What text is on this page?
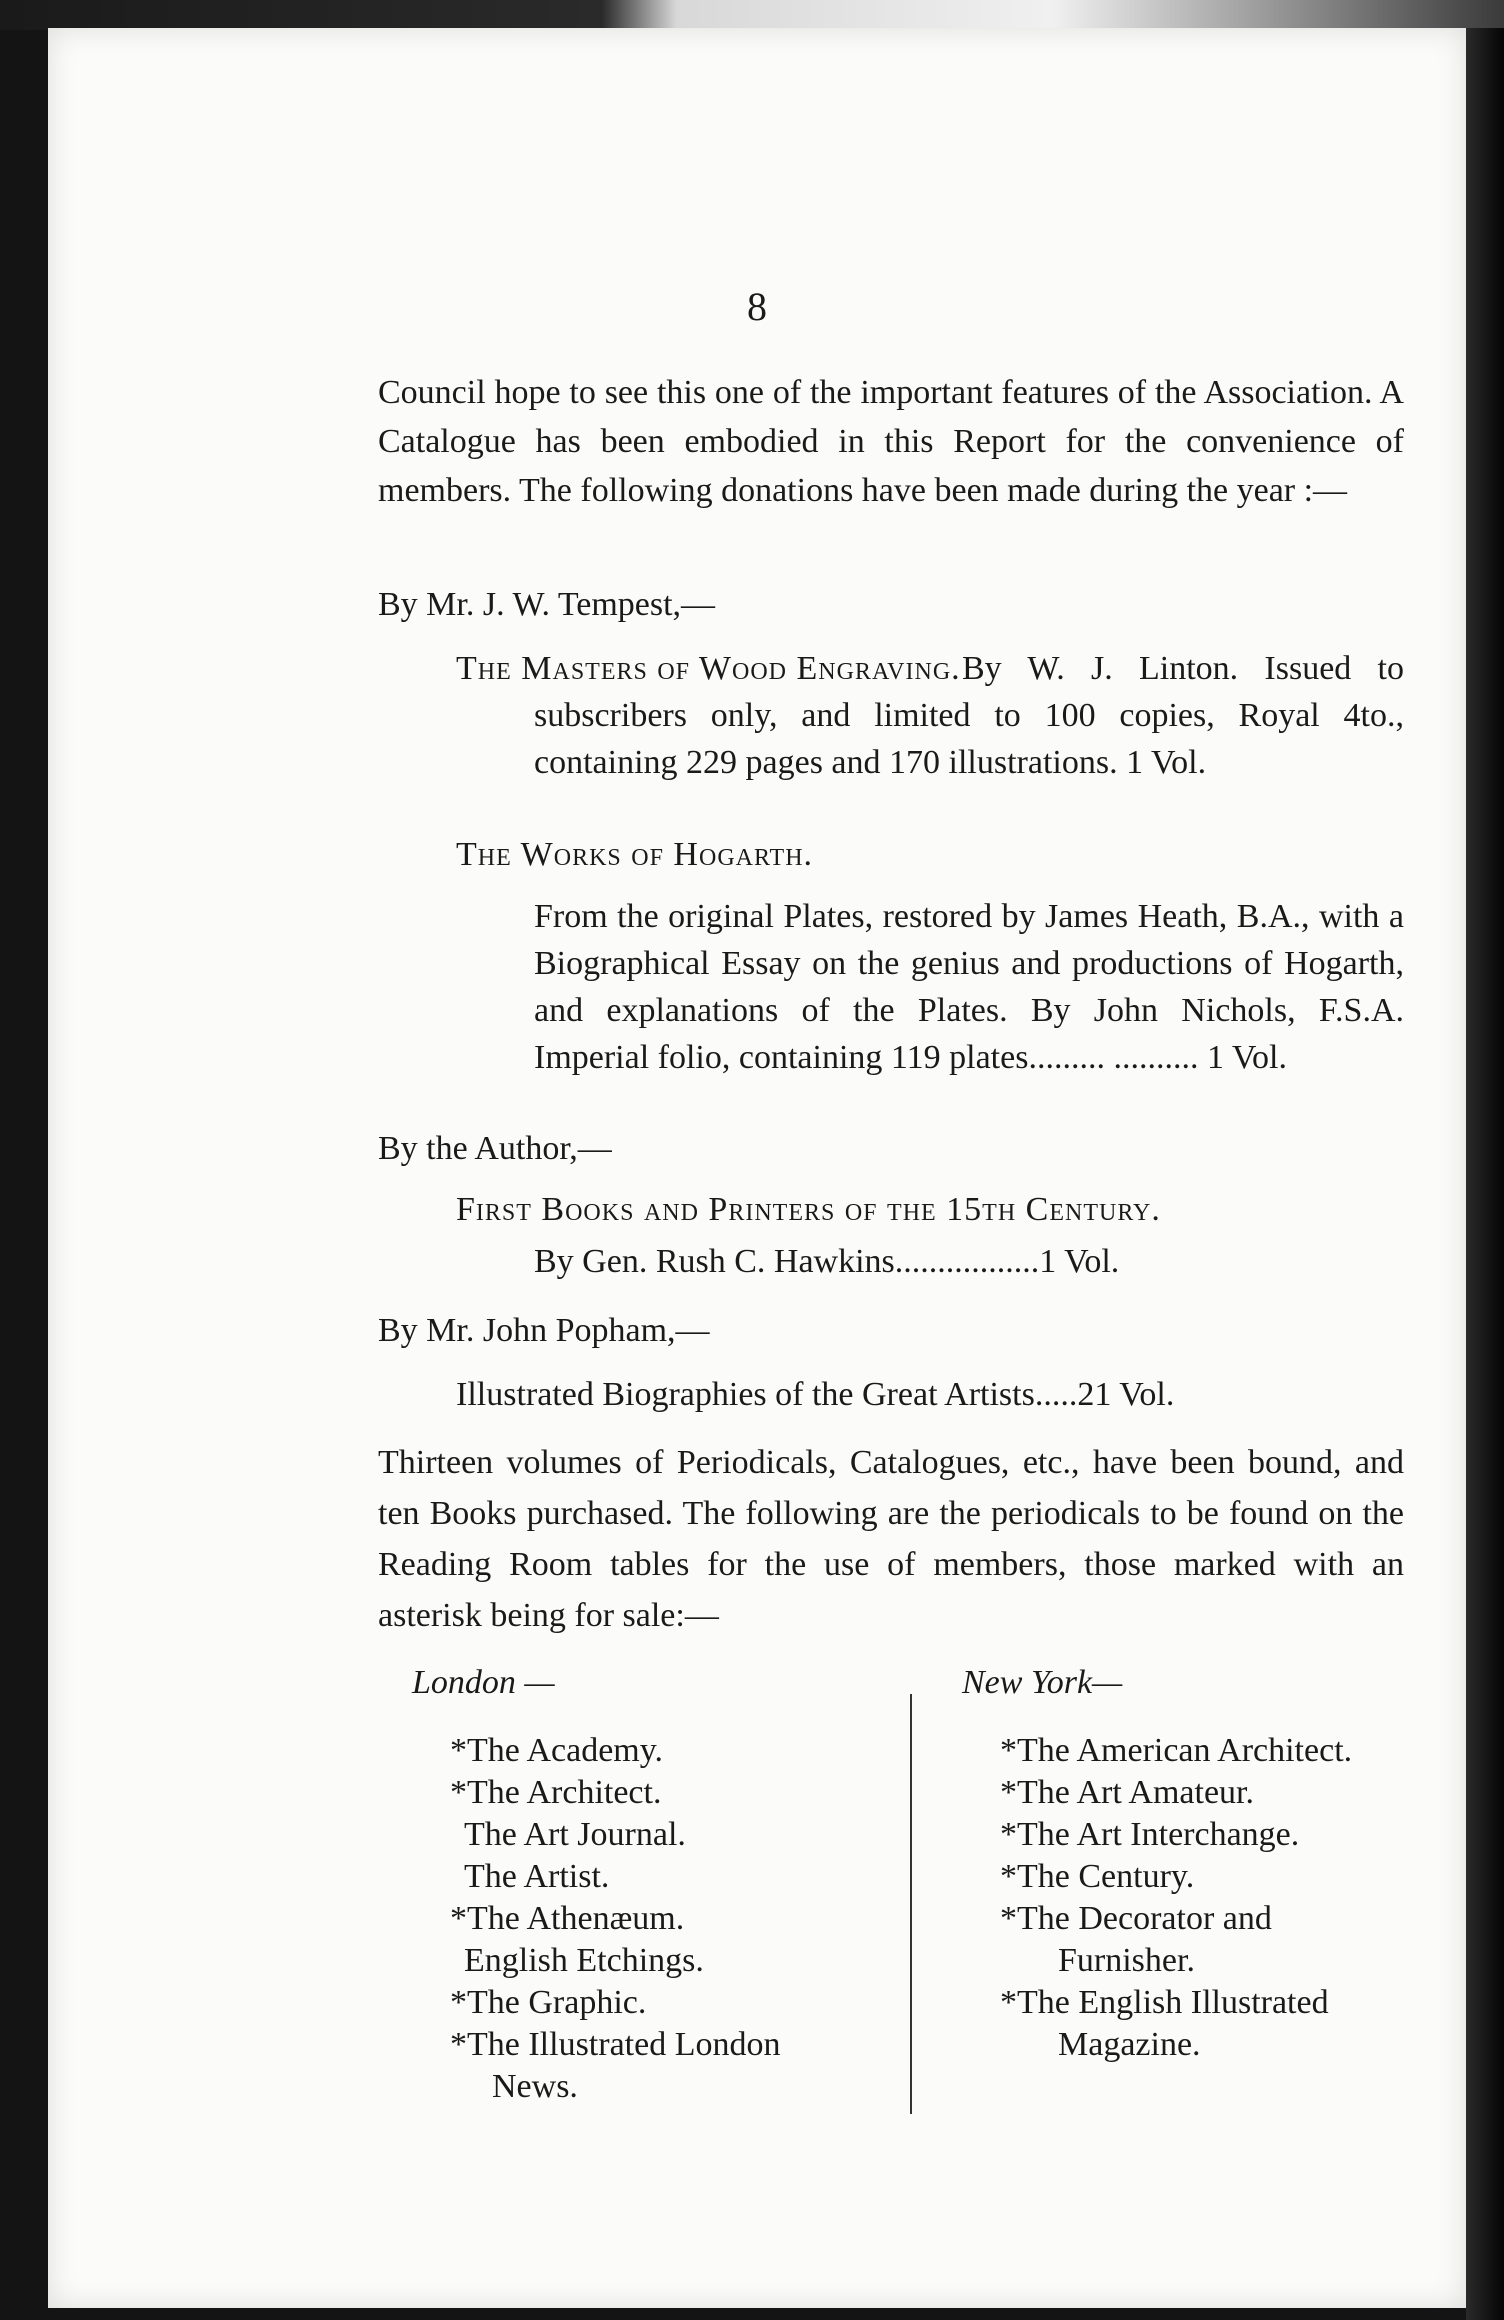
8
Council hope to see this one of the important features of the Association. A Catalogue has been embodied in this Report for the convenience of members. The following donations have been made during the year :—
By Mr. J. W. Tempest,—
The Masters of Wood Engraving. By W. J. Linton. Issued to subscribers only, and limited to 100 copies, Royal 4to., containing 229 pages and 170 illustrations. 1 Vol.
The Works of Hogarth.
From the original Plates, restored by James Heath, B.A., with a Biographical Essay on the genius and productions of Hogarth, and explanations of the Plates. By John Nichols, F.S.A. Imperial folio, containing 119 plates......... .......... 1 Vol.
By the Author,—
First Books and Printers of the 15th Century.
By Gen. Rush C. Hawkins.................1 Vol.
By Mr. John Popham,—
Illustrated Biographies of the Great Artists.....21 Vol.
Thirteen volumes of Periodicals, Catalogues, etc., have been bound, and ten Books purchased. The following are the periodicals to be found on the Reading Room tables for the use of members, those marked with an asterisk being for sale:—
London —
*The Academy.
*The Architect.
The Art Journal.
The Artist.
*The Athenæum.
English Etchings.
*The Graphic.
*The Illustrated London
News.
New York—
*The American Architect.
*The Art Amateur.
*The Art Interchange.
*The Century.
*The Decorator and
Furnisher.
*The English Illustrated
Magazine.
